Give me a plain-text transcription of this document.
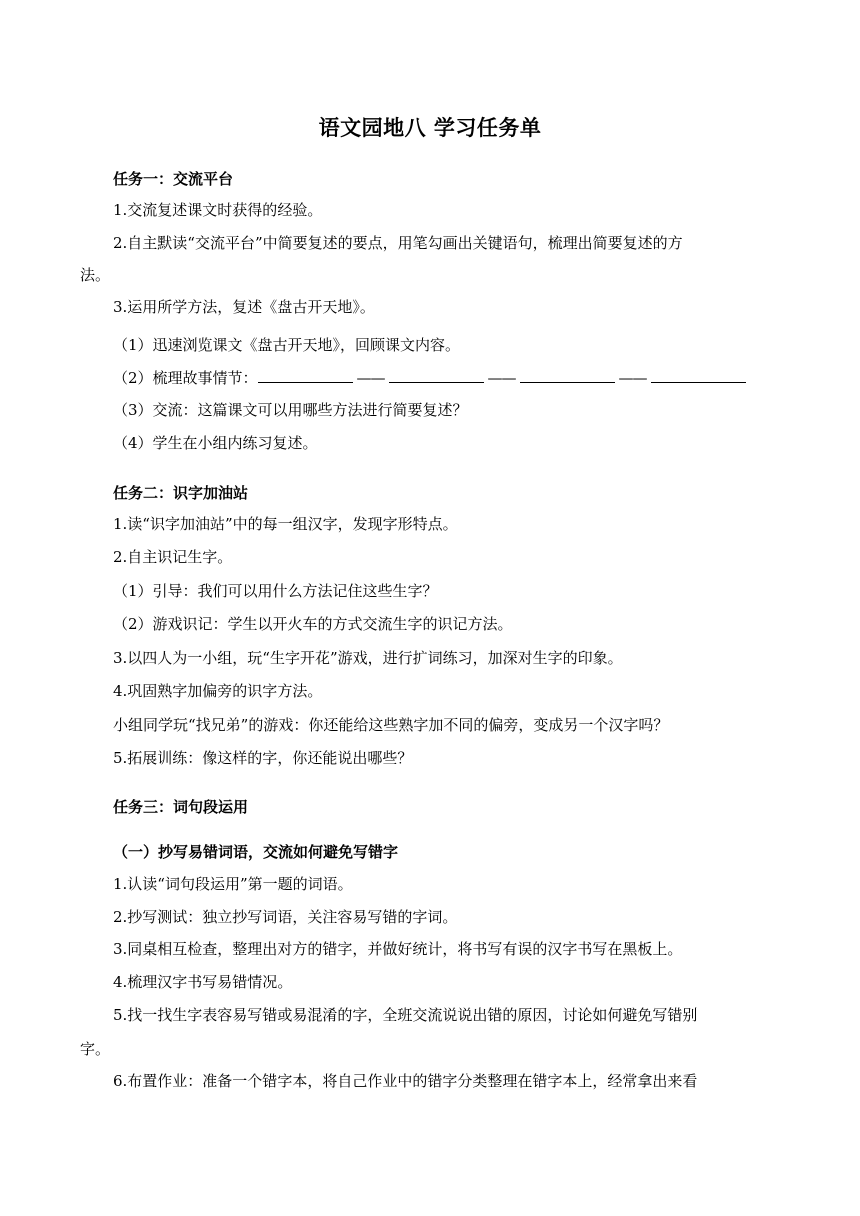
语文园地八 学习任务单
任务一：交流平台
1.交流复述课文时获得的经验。
2.自主默读“交流平台”中简要复述的要点，用笔勾画出关键语句，梳理出简要复述的方
法。
3.运用所学方法，复述《盘古开天地》。
（1）迅速浏览课文《盘古开天地》，回顾课文内容。
（2）梳理故事情节：	——	——	——
（3）交流：这篇课文可以用哪些方法进行简要复述？
（4）学生在小组内练习复述。
任务二：识字加油站
1.读“识字加油站”中的每一组汉字，发现字形特点。
2.自主识记生字。
（1）引导：我们可以用什么方法记住这些生字？
（2）游戏识记：学生以开火车的方式交流生字的识记方法。
3.以四人为一小组，玩“生字开花”游戏，进行扩词练习，加深对生字的印象。
4.巩固熟字加偏旁的识字方法。
小组同学玩“找兄弟”的游戏：你还能给这些熟字加不同的偏旁，变成另一个汉字吗？
5.拓展训练：像这样的字，你还能说出哪些？
任务三：词句段运用
（一）抄写易错词语，交流如何避免写错字
1.认读“词句段运用”第一题的词语。
2.抄写测试：独立抄写词语，关注容易写错的字词。
3.同桌相互检查，整理出对方的错字，并做好统计，将书写有误的汉字书写在黑板上。
4.梳理汉字书写易错情况。
5.找一找生字表容易写错或易混淆的字，全班交流说说出错的原因，讨论如何避免写错别
字。
6.布置作业：准备一个错字本，将自己作业中的错字分类整理在错字本上，经常拿出来看
